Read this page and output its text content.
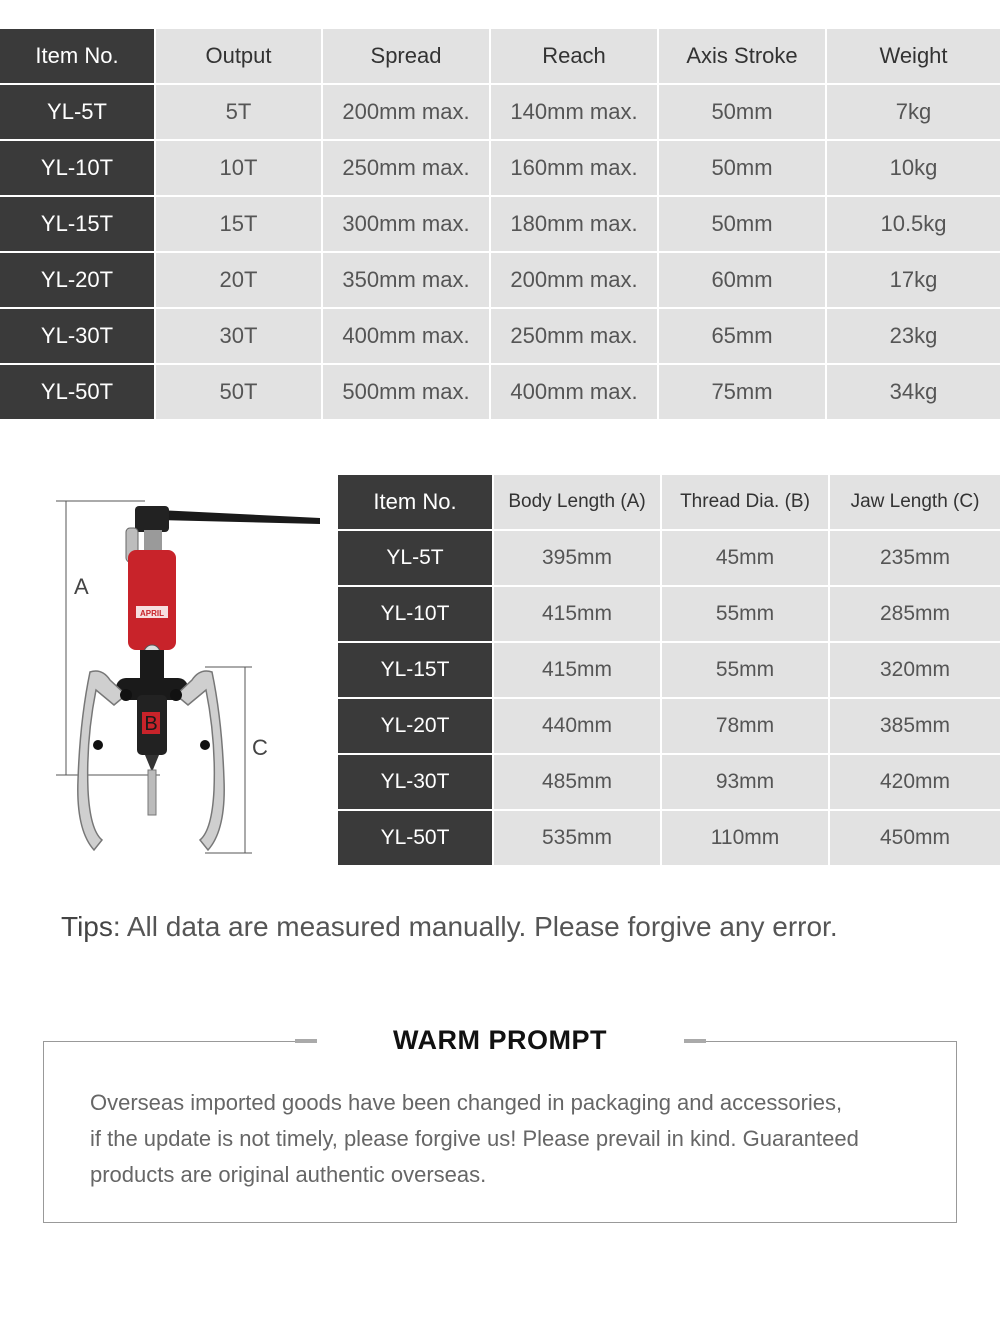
Item No.	Output	Spread	Reach	Axis Stroke	Weight
YL-5T	5T	200mm max.	140mm max.	50mm	7kg
YL-10T	10T	250mm max.	160mm max.	50mm	10kg
YL-15T	15T	300mm max.	180mm max.	50mm	10.5kg
YL-20T	20T	350mm max.	200mm max.	60mm	17kg
YL-30T	30T	400mm max.	250mm max.	65mm	23kg
YL-50T	50T	500mm max.	400mm max.	75mm	34kg
APRIL
B
A
C
Item No.	Body Length (A)	Thread Dia. (B)	Jaw Length (C)
YL-5T	395mm	45mm	235mm
YL-10T	415mm	55mm	285mm
YL-15T	415mm	55mm	320mm
YL-20T	440mm	78mm	385mm
YL-30T	485mm	93mm	420mm
YL-50T	535mm	110mm	450mm
Tips: All data are measured manually. Please forgive any error.
WARM PROMPT
Overseas imported goods have been changed in packaging and accessories,
if the update is not timely, please forgive us! Please prevail in kind. Guaranteed
products are original authentic overseas.
